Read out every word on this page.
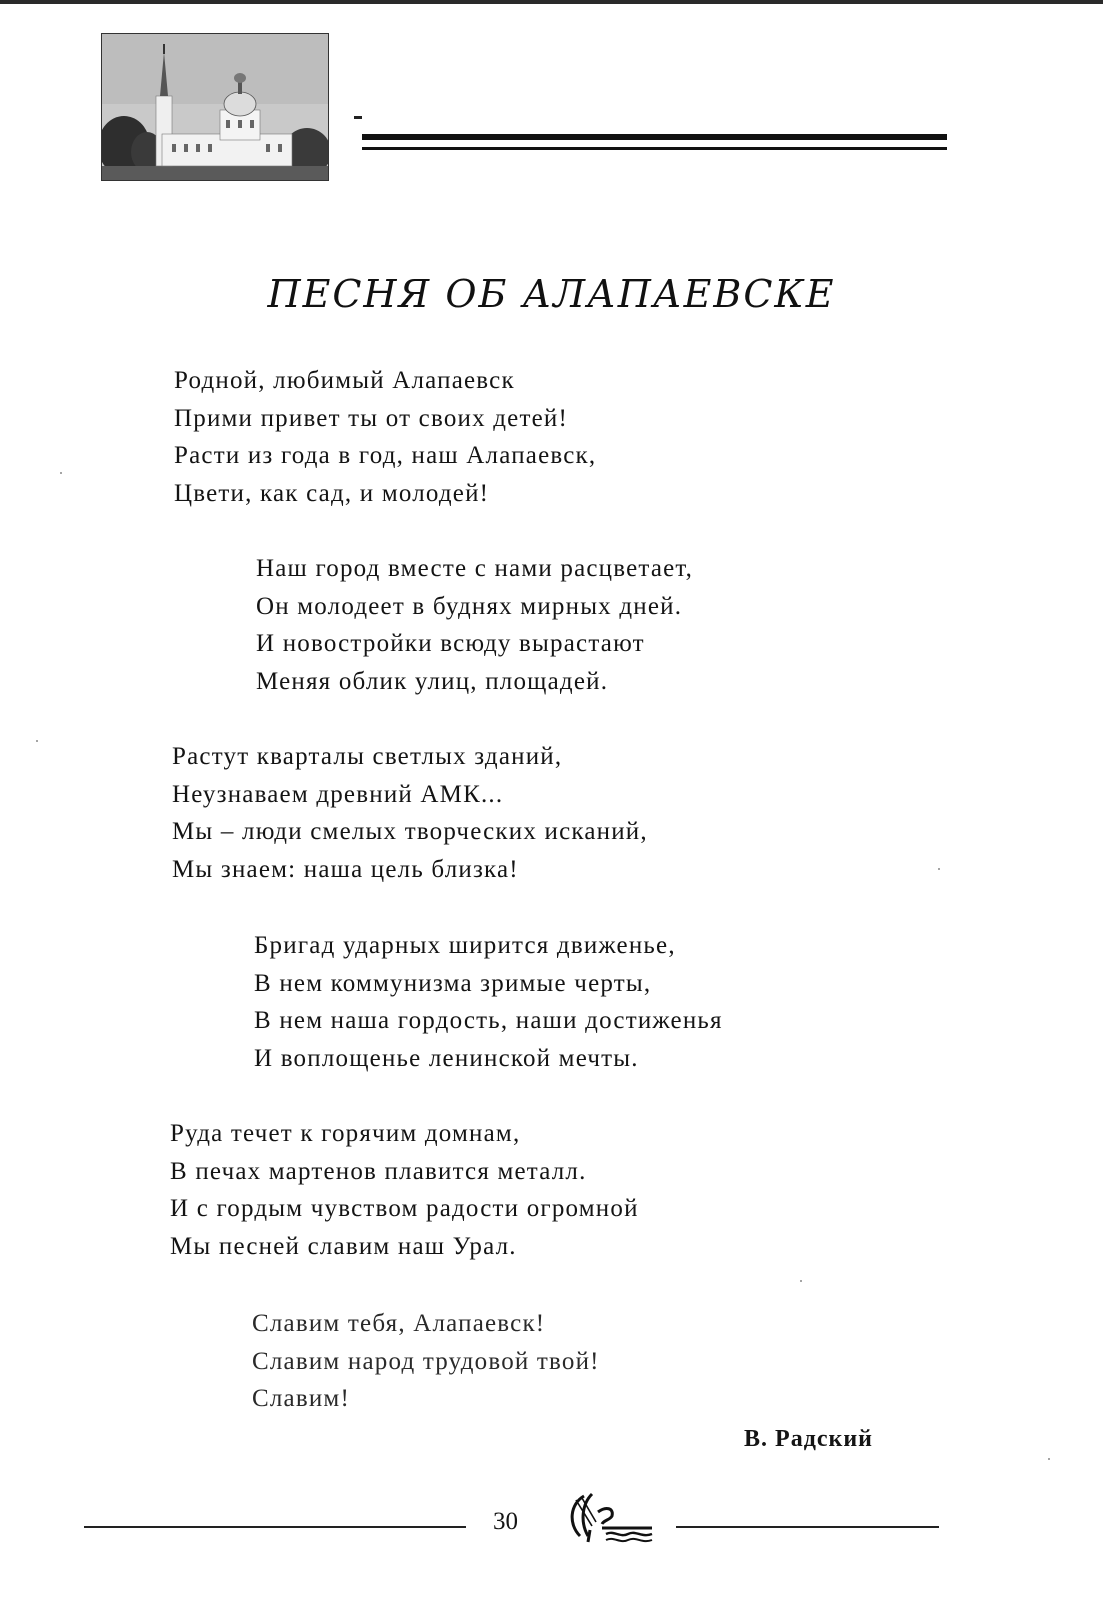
ПЕСНЯ ОБ АЛАПАЕВСКЕ
Родной, любимый Алапаевск
Прими привет ты от своих детей!
Расти из года в год, наш Алапаевск,
Цвети, как сад, и молодей!
Наш город вместе с нами расцветает,
Он молодеет в буднях мирных дней.
И новостройки всюду вырастают
Меняя облик улиц, площадей.
Растут кварталы светлых зданий,
Неузнаваем древний АМК...
Мы – люди смелых творческих исканий,
Мы знаем: наша цель близка!
Бригад ударных ширится движенье,
В нем коммунизма зримые черты,
В нем наша гордость, наши достиженья
И воплощенье ленинской мечты.
Руда течет к горячим домнам,
В печах мартенов плавится металл.
И с гордым чувством радости огромной
Мы песней славим наш Урал.
Славим тебя, Алапаевск!
Славим народ трудовой твой!
Славим!

В. Радский

30
